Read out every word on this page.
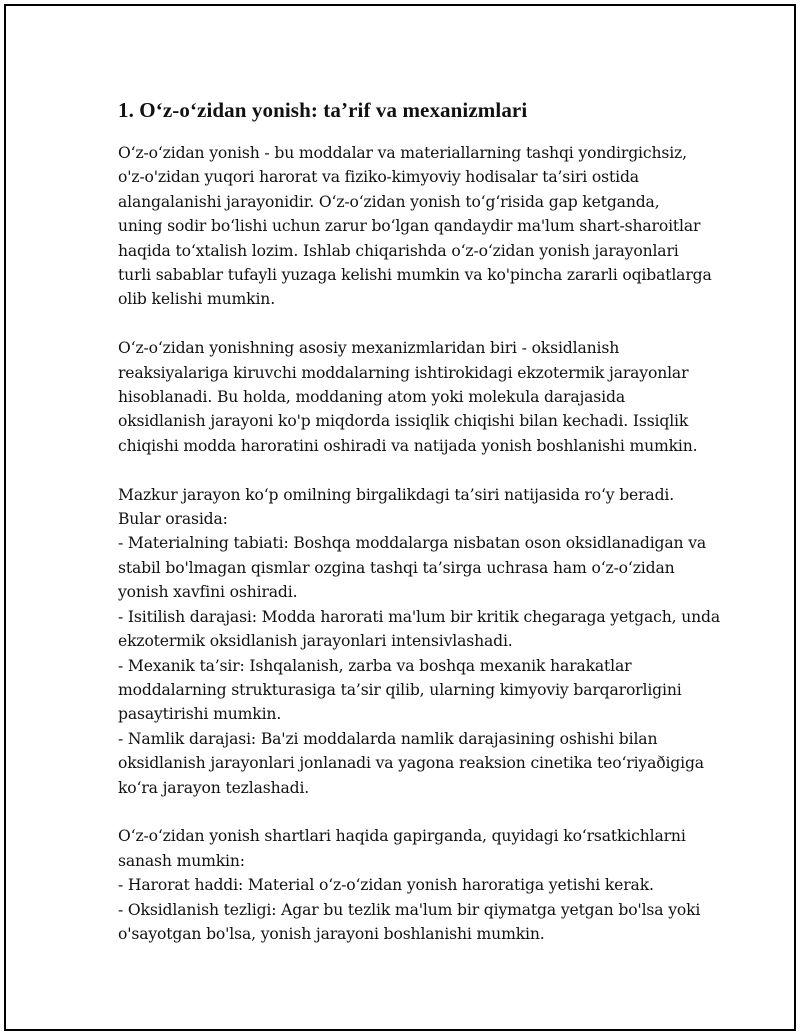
1. O‘z-o‘zidan yonish: ta’rif va mexanizmlari

O‘z-o‘zidan yonish - bu moddalar va materiallarning tashqi yondirgichsiz,
o'z-o'zidan yuqori harorat va fiziko-kimyoviy hodisalar ta’siri ostida
alangalanishi jarayonidir. O‘z-o‘zidan yonish to‘g‘risida gap ketganda,
uning sodir bo‘lishi uchun zarur bo‘lgan qandaydir ma'lum shart-sharoitlar
haqida to‘xtalish lozim. Ishlab chiqarishda o‘z-o‘zidan yonish jarayonlari
turli sabablar tufayli yuzaga kelishi mumkin va ko'pincha zararli oqibatlarga
olib kelishi mumkin.

O‘z-o‘zidan yonishning asosiy mexanizmlaridan biri - oksidlanish
reaksiyalariga kiruvchi moddalarning ishtirokidagi ekzotermik jarayonlar
hisoblanadi. Bu holda, moddaning atom yoki molekula darajasida
oksidlanish jarayoni ko'p miqdorda issiqlik chiqishi bilan kechadi. Issiqlik
chiqishi modda haroratini oshiradi va natijada yonish boshlanishi mumkin.

Mazkur jarayon ko‘p omilning birgalikdagi ta’siri natijasida ro‘y beradi.
Bular orasida:
- Materialning tabiati: Boshqa moddalarga nisbatan oson oksidlanadigan va
stabil bo'lmagan qismlar ozgina tashqi ta’sirga uchrasa ham o‘z-o‘zidan
yonish xavfini oshiradi.
- Isitilish darajasi: Modda harorati ma'lum bir kritik chegaraga yetgach, unda
ekzotermik oksidlanish jarayonlari intensivlashadi.
- Mexanik ta’sir: Ishqalanish, zarba va boshqa mexanik harakatlar
moddalarning strukturasiga ta’sir qilib, ularning kimyoviy barqarorligini
pasaytirishi mumkin.
- Namlik darajasi: Ba'zi moddalarda namlik darajasining oshishi bilan
oksidlanish jarayonlari jonlanadi va yagona reaksion cinetika teo‘riyaðigiga
ko‘ra jarayon tezlashadi.

O‘z-o‘zidan yonish shartlari haqida gapirganda, quyidagi ko‘rsatkichlarni
sanash mumkin:
- Harorat haddi: Material o‘z-o‘zidan yonish haroratiga yetishi kerak.
- Oksidlanish tezligi: Agar bu tezlik ma'lum bir qiymatga yetgan bo'lsa yoki
o'sayotgan bo'lsa, yonish jarayoni boshlanishi mumkin.
